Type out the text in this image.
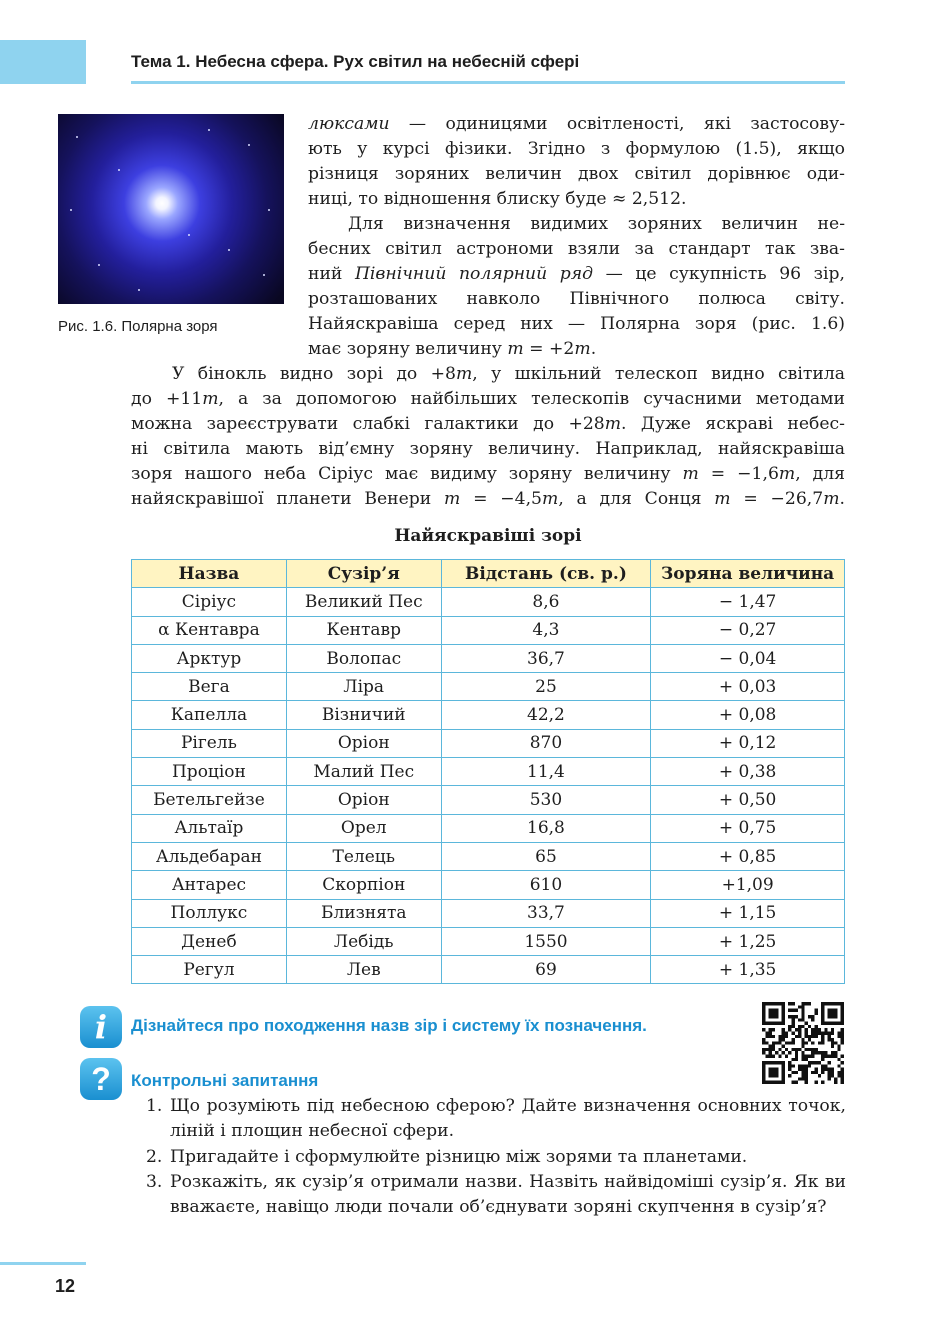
Тема 1. Небесна сфера. Рух світил на небесній сфері
Рис. 1.6. Полярна зоря
люксами — одиницями освітленості, які застосову-
ють у курсі фізики. Згідно з формулою (1.5), якщо
різниця зоряних величин двох світил дорівнює оди-
ниці, то відношення блиску буде ≈ 2,512.
Для визначення видимих зоряних величин не-
бесних світил астрономи взяли за стандарт так зва-
ний Північний полярний ряд — це сукупність 96 зір,
розташованих навколо Північного полюса світу.
Найяскравіша серед них — Полярна зоря (рис. 1.6)
має зоряну величину m = +2m.
У бінокль видно зорі до +8m, у шкільний телескоп видно світила
до +11m, а за допомогою найбільших телескопів сучасними методами
можна зареєструвати слабкі галактики до +28m. Дуже яскраві небес-
ні світила мають від’ємну зоряну величину. Наприклад, найяскравіша
зоря нашого неба Сіріус має видиму зоряну величину m = −1,6m, для
найяскравішої планети Венери m = −4,5m, а для Сонця m = −26,7m.
Найяскравіші зорі
Назва	Сузір’я	Відстань (св. р.)	Зоряна величина
Сіріус	Великий Пес	8,6	− 1,47
α Кентавра	Кентавр	4,3	− 0,27
Арктур	Волопас	36,7	− 0,04
Вега	Ліра	25	+ 0,03
Капелла	Візничий	42,2	+ 0,08
Рігель	Оріон	870	+ 0,12
Проціон	Малий Пес	11,4	+ 0,38
Бетельгейзе	Оріон	530	+ 0,50
Альтаїр	Орел	16,8	+ 0,75
Альдебаран	Телець	65	+ 0,85
Антарес	Скорпіон	610	+1,09
Поллукс	Близнята	33,7	+ 1,15
Денеб	Лебідь	1550	+ 1,25
Регул	Лев	69	+ 1,35
i	Дізнайтеся про походження назв зір і систему їх позначення.
?	Контрольні запитання
1. Що розуміють під небесною сферою? Дайте визначення основних точок, ліній і площин небесної сфери.
2. Пригадайте і сформулюйте різницю між зорями та планетами.
3. Розкажіть, як сузір’я отримали назви. Назвіть найвідоміші сузір’я. Як ви вважаєте, навіщо люди почали об’єднувати зоряні скупчення в сузір’я?
12
